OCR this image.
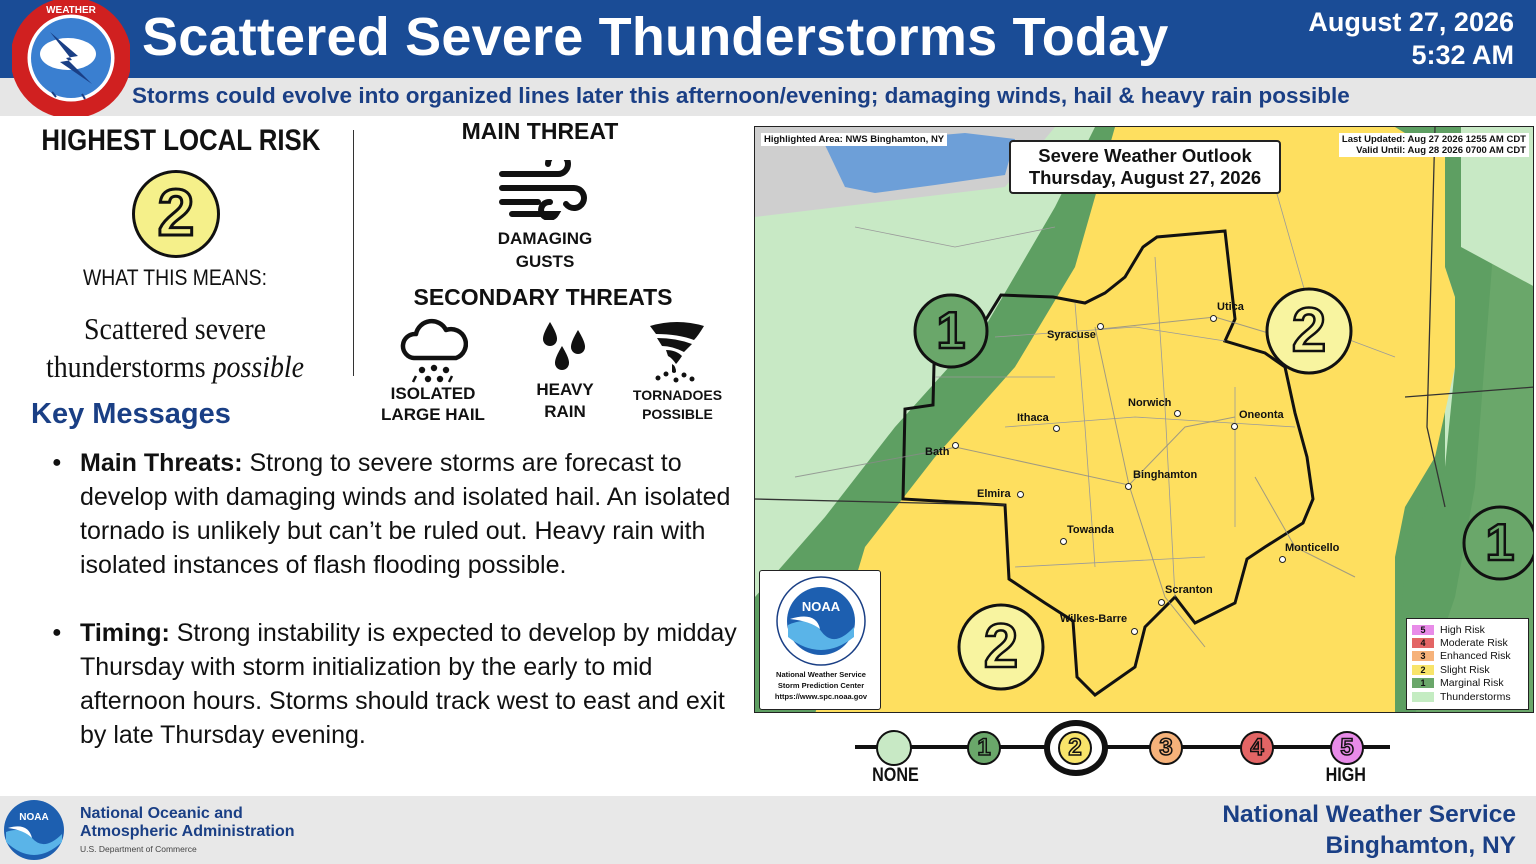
WEATHER Scattered Severe Thunderstorms Today	August 27, 2026
5:32 AM
Storms could evolve into organized lines later this afternoon/evening; damaging winds, hail & heavy rain possible
HIGHEST LOCAL RISK
2
WHAT THIS MEANS:
Scattered severe
thunderstorms possible
MAIN THREAT
DAMAGING
GUSTS
SECONDARY THREATS
ISOLATED
LARGE HAIL
HEAVY
RAIN
TORNADOES
POSSIBLE
Key Messages
● Main Threats: Strong to severe storms are forecast to develop with damaging winds and isolated hail. An isolated tornado is unlikely but can’t be ruled out. Heavy rain with isolated instances of flash flooding possible.
● Timing: Strong instability is expected to develop by midday Thursday with storm initialization by the early to mid afternoon hours. Storms should track west to east and exit by late Thursday evening.
1	2
2
1
Highlighted Area: NWS Binghamton, NY	Last Updated: Aug 27 2026 1255 AM CDT
Valid Until: Aug 28 2026 0700 AM CDT
Severe Weather Outlook
Thursday, August 27, 2026
Syracuse
Utica
Norwich
Oneonta
Ithaca
Bath
Binghamton
Elmira
Towanda
Monticello
Scranton
Wilkes-Barre
NOAA
National Weather Service
Storm Prediction Center
https://www.spc.noaa.gov
5	High Risk
4	Moderate Risk
3	Enhanced Risk
2	Slight Risk
1	Marginal Risk
Thunderstorms
1	2	3	4	5
NONE	HIGH
NOAA National Oceanic and
Atmospheric Administration
U.S. Department of Commerce
National Weather Service
Binghamton, NY
